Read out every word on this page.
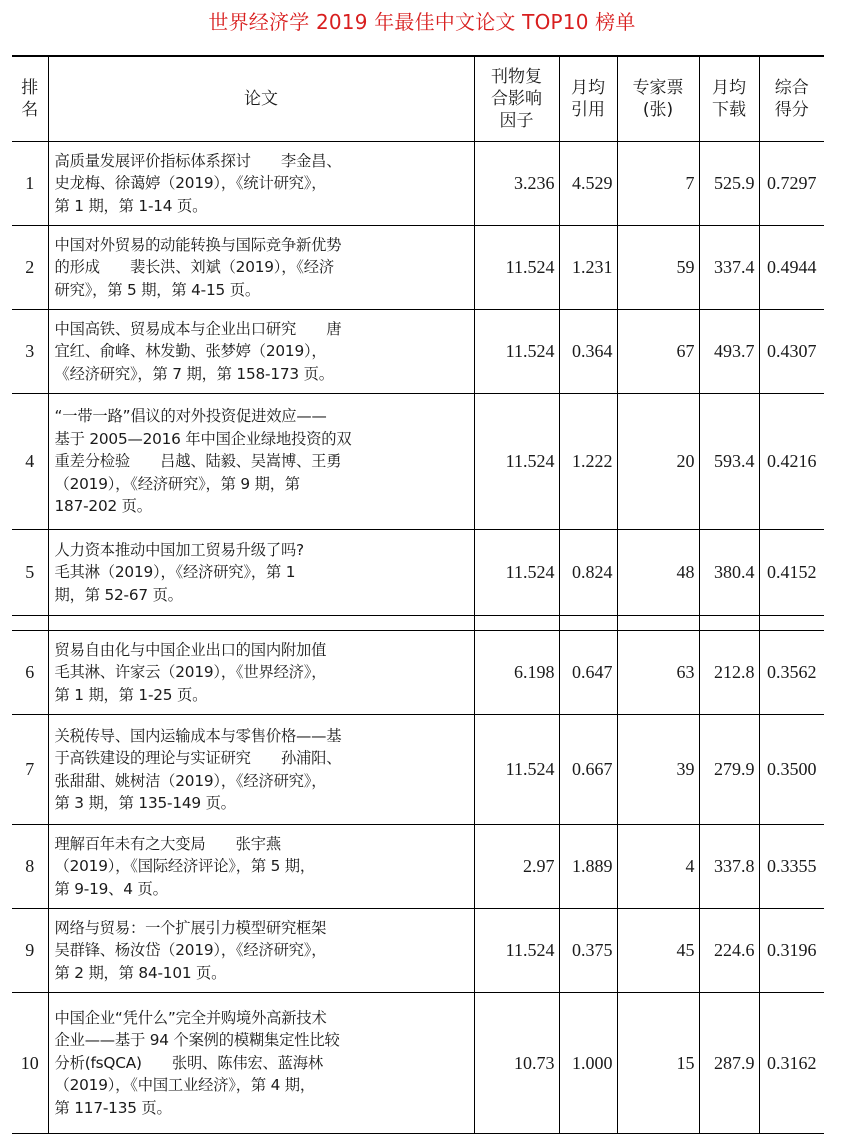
世界经济学 2019 年最佳中文论文 TOP10 榜单
排
名	论文	刊物复
合影响
因子	月均
引用	专家票
(张)	月均
下载	综合
得分
1	高质量发展评价指标体系探讨　　李金昌、
史龙梅、徐蔼婷（2019），《统计研究》，
第 1 期，第 1-14 页。	3.236	4.529	7	525.9	0.7297
2	中国对外贸易的动能转换与国际竞争新优势
的形成　　裴长洪、刘斌（2019），《经济
研究》，第 5 期，第 4-15 页。	11.524	1.231	59	337.4	0.4944
3	中国高铁、贸易成本与企业出口研究　　唐
宜红、俞峰、林发勤、张梦婷（2019），
《经济研究》，第 7 期，第 158-173 页。	11.524	0.364	67	493.7	0.4307
4	“一带一路”倡议的对外投资促进效应——
基于 2005—2016 年中国企业绿地投资的双
重差分检验　　吕越、陆毅、吴嵩博、王勇
（2019），《经济研究》，第 9 期，第
187-202 页。	11.524	1.222	20	593.4	0.4216
5	人力资本推动中国加工贸易升级了吗?
毛其淋（2019），《经济研究》，第 1
期，第 52-67 页。	11.524	0.824	48	380.4	0.4152

6	贸易自由化与中国企业出口的国内附加值
毛其淋、许家云（2019），《世界经济》，
第 1 期，第 1-25 页。	6.198	0.647	63	212.8	0.3562
7	关税传导、国内运输成本与零售价格——基
于高铁建设的理论与实证研究　　孙浦阳、
张甜甜、姚树洁（2019），《经济研究》，
第 3 期，第 135-149 页。	11.524	0.667	39	279.9	0.3500
8	理解百年未有之大变局　　张宇燕
（2019），《国际经济评论》，第 5 期，
第 9-19、4 页。	2.97	1.889	4	337.8	0.3355
9	网络与贸易：一个扩展引力模型研究框架
吴群锋、杨汝岱（2019），《经济研究》，
第 2 期，第 84-101 页。	11.524	0.375	45	224.6	0.3196
10	中国企业“凭什么”完全并购境外高新技术
企业——基于 94 个案例的模糊集定性比较
分析(fsQCA)　　张明、陈伟宏、蓝海林
（2019），《中国工业经济》，第 4 期，
第 117-135 页。	10.73	1.000	15	287.9	0.3162
